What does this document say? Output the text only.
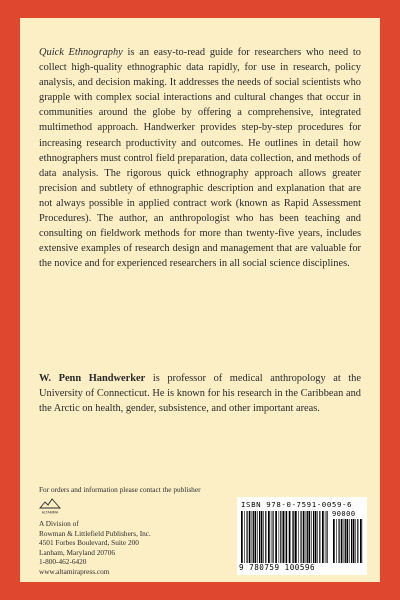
Quick Ethnography is an easy-to-read guide for researchers who need to collect high-quality ethnographic data rapidly, for use in research, policy analysis, and decision making. It addresses the needs of social scientists who grapple with complex social interactions and cultural changes that occur in communities around the globe by offering a comprehensive, integrated multimethod approach. Handwerker provides step-by-step procedures for increasing research productivity and outcomes. He outlines in detail how ethnographers must control field preparation, data collection, and methods of data analysis. The rigorous quick ethnography approach allows greater precision and subtlety of ethnographic description and explanation that are not always possible in applied contract work (known as Rapid Assessment Procedures). The author, an anthropologist who has been teaching and consulting on fieldwork methods for more than twenty-five years, includes extensive examples of research design and management that are valuable for the novice and for experienced researchers in all social science disciplines.

W. Penn Handwerker is professor of medical anthropology at the University of Connecticut. He is known for his research in the Caribbean and the Arctic on health, gender, subsistence, and other important areas.

For orders and information please contact the publisher
ALTAMIRA
A Division of
Rowman & Littlefield Publishers, Inc.
4501 Forbes Boulevard, Suite 200
Lanham, Maryland 20706
1-800-462-6420
www.altamirapress.com
ISBN 978-0-7591-0059-6
90000
9 780759 100596
